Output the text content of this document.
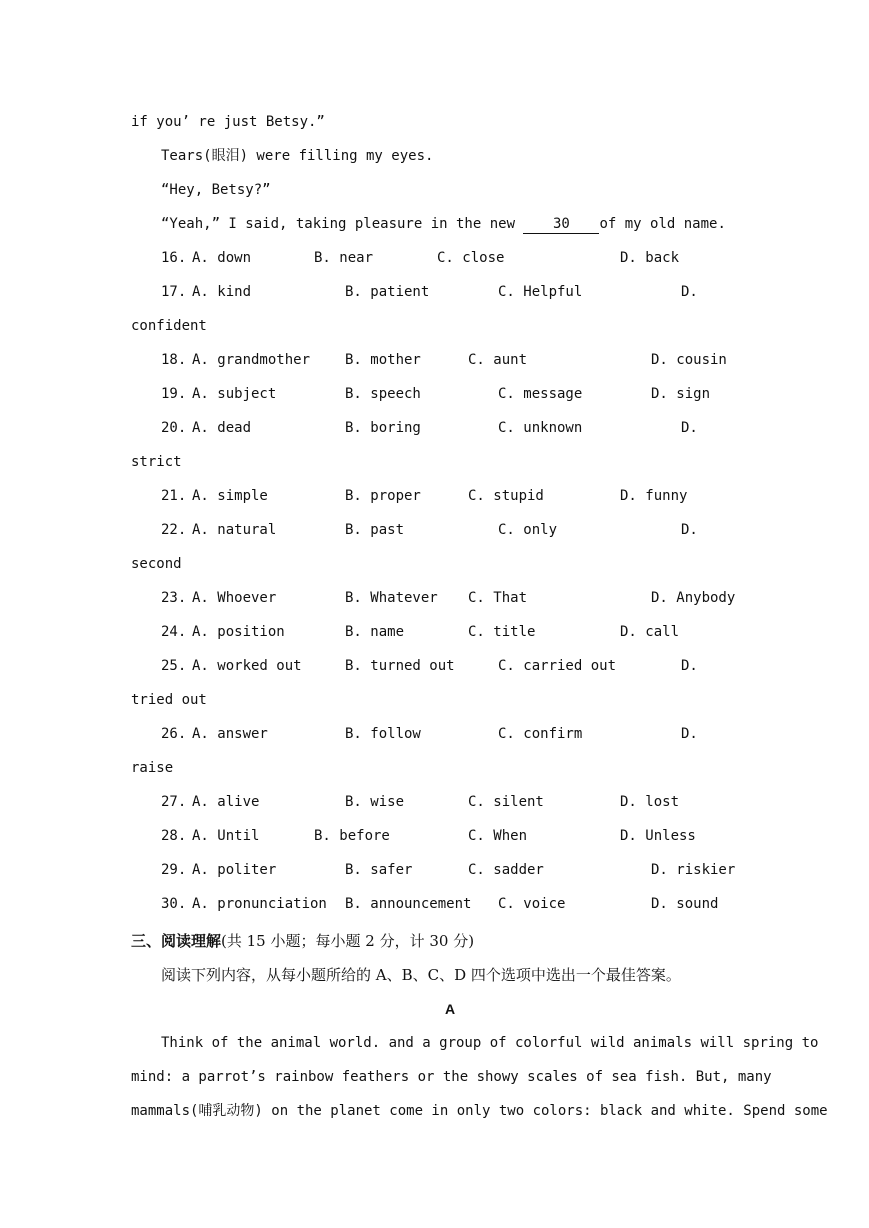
if you’ re just Betsy.”
Tears(眼泪) were filling my eyes.
“Hey, Betsy?”
“Yeah,” I said, taking pleasure in the new 30 of my old name.
16. A. down	B. near	C. close	D. back
17. A. kind	B. patient	C. Helpful	D.
confident
18. A. grandmother B. mother	C. aunt	D. cousin
19. A. subject	B. speech	C. message	D. sign
20. A. dead	B. boring	C. unknown	D.
strict
21. A. simple	B. proper	C. stupid	D. funny
22. A. natural	B. past	C. only	D.
second
23. A. Whoever	B. Whatever C. That	D. Anybody
24. A. position	B. name	C. title	D. call
25. A. worked out	B. turned out	C. carried out	D.
tried out
26. A. answer	B. follow	C. confirm	D.
raise
27. A. alive	B. wise	C. silent	D. lost
28. A. Until	B. before	C. When	D. Unless
29. A. politer	B. safer	C. sadder	D. riskier
30. A. pronunciation B. announcement C. voice	D. sound
三、阅读理解(共 15 小题；每小题 2 分，计 30 分)
阅读下列内容，从每小题所给的 A、B、C、D 四个选项中选出一个最佳答案。
A
Think of the animal world. and a group of colorful wild animals will spring to
mind: a parrot’s rainbow feathers or the showy scales of sea fish. But, many
mammals(哺乳动物) on the planet come in only two colors: black and white. Spend some
